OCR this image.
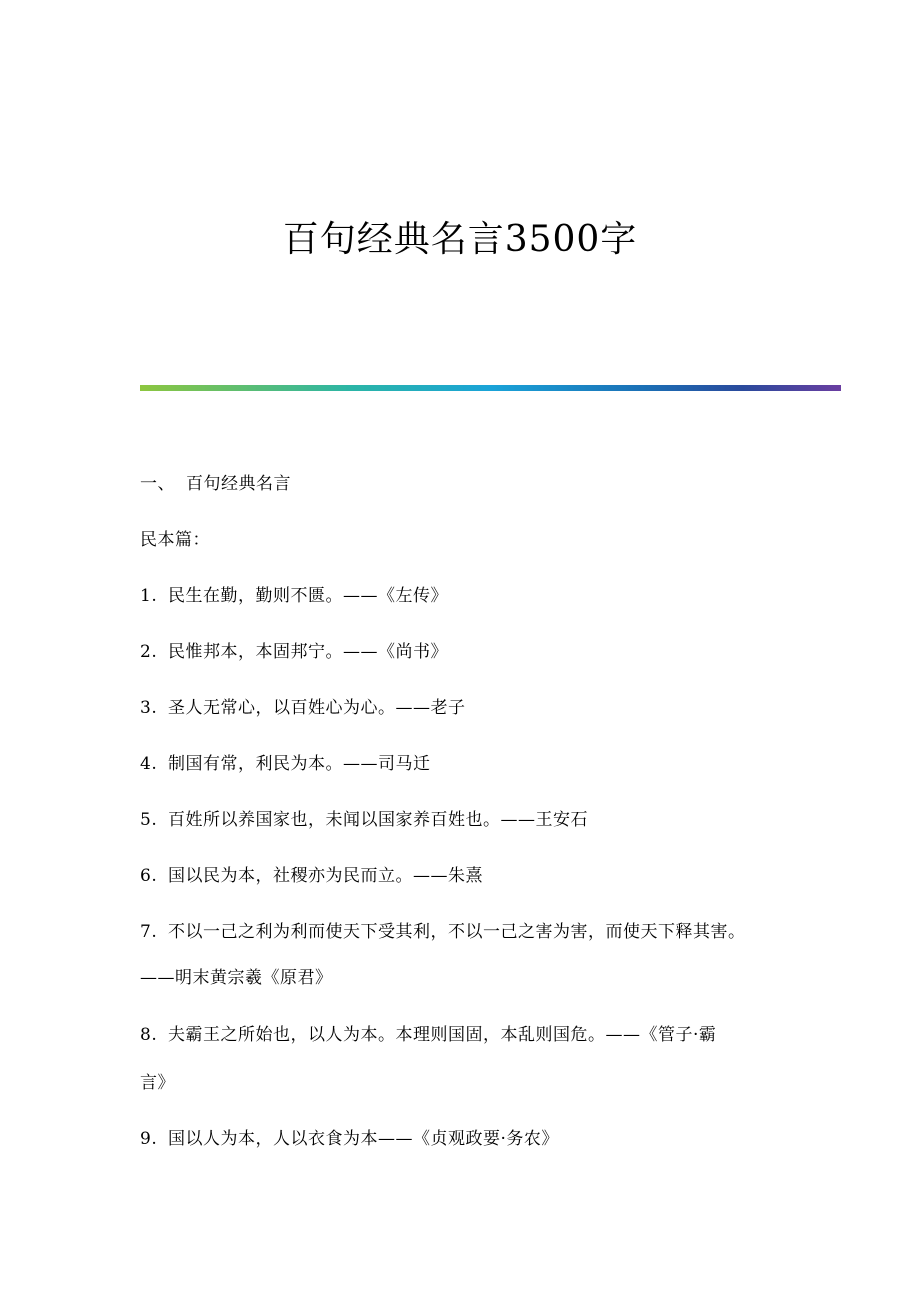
百句经典名言3500字
一、 百句经典名言
民本篇：
1. 民生在勤，勤则不匮。——《左传》
2. 民惟邦本，本固邦宁。——《尚书》
3. 圣人无常心，以百姓心为心。——老子
4. 制国有常，利民为本。——司马迁
5. 百姓所以养国家也，未闻以国家养百姓也。——王安石
6. 国以民为本，社稷亦为民而立。——朱熹
7. 不以一己之利为利而使天下受其利，不以一己之害为害，而使天下释其害。
——明末黄宗羲《原君》
8. 夫霸王之所始也，以人为本。本理则国固，本乱则国危。——《管子·霸
言》
9. 国以人为本，人以衣食为本——《贞观政要·务农》
